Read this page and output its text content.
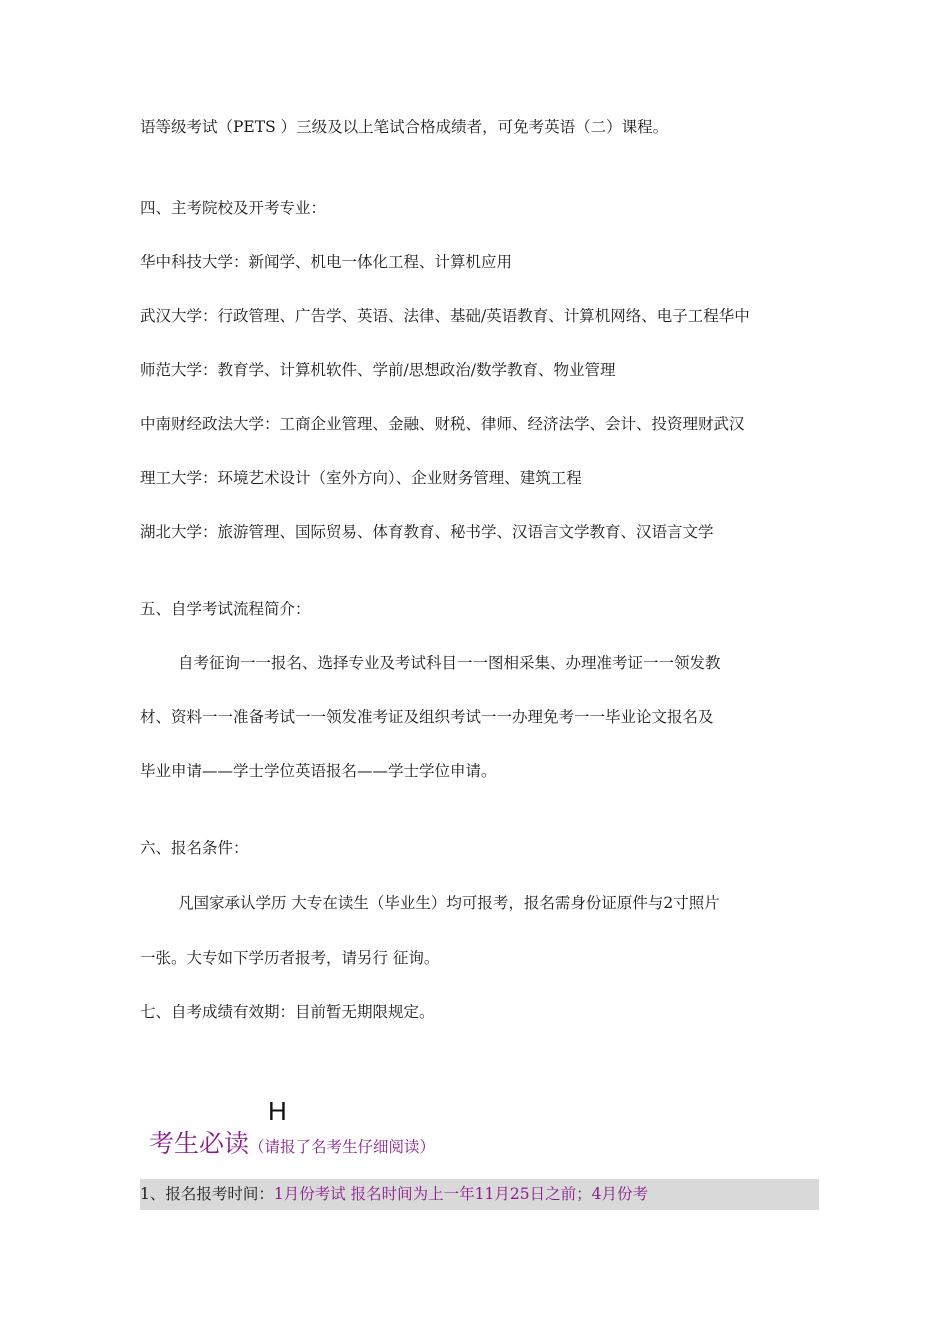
语等级考试（PETS ）三级及以上笔试合格成绩者，可免考英语（二）课程。
四、主考院校及开考专业：
华中科技大学：新闻学、机电一体化工程、计算机应用
武汉大学：行政管理、广告学、英语、法律、基础/英语教育、计算机网络、电子工程华中
师范大学：教育学、计算机软件、学前/思想政治/数学教育、物业管理
中南财经政法大学：工商企业管理、金融、财税、律师、经济法学、会计、投资理财武汉
理工大学：环境艺术设计（室外方向）、企业财务管理、建筑工程
湖北大学：旅游管理、国际贸易、体育教育、秘书学、汉语言文学教育、汉语言文学
五、自学考试流程简介：
自考征询一一报名、选择专业及考试科目一一图相采集、办理准考证一一领发教
材、资料一一准备考试一一领发准考证及组织考试一一办理免考一一毕业论文报名及
毕业申请——学士学位英语报名——学士学位申请。
六、报名条件：
凡国家承认学历 大专在读生（毕业生）均可报考，报名需身份证原件与2寸照片
一张。大专如下学历者报考，请另行 征询。
七、自考成绩有效期：目前暂无期限规定。
H
考生必读（请报了名考生仔细阅读）
1、报名报考时间：1月份考试 报名时间为上一年11月25日之前；4月份考
